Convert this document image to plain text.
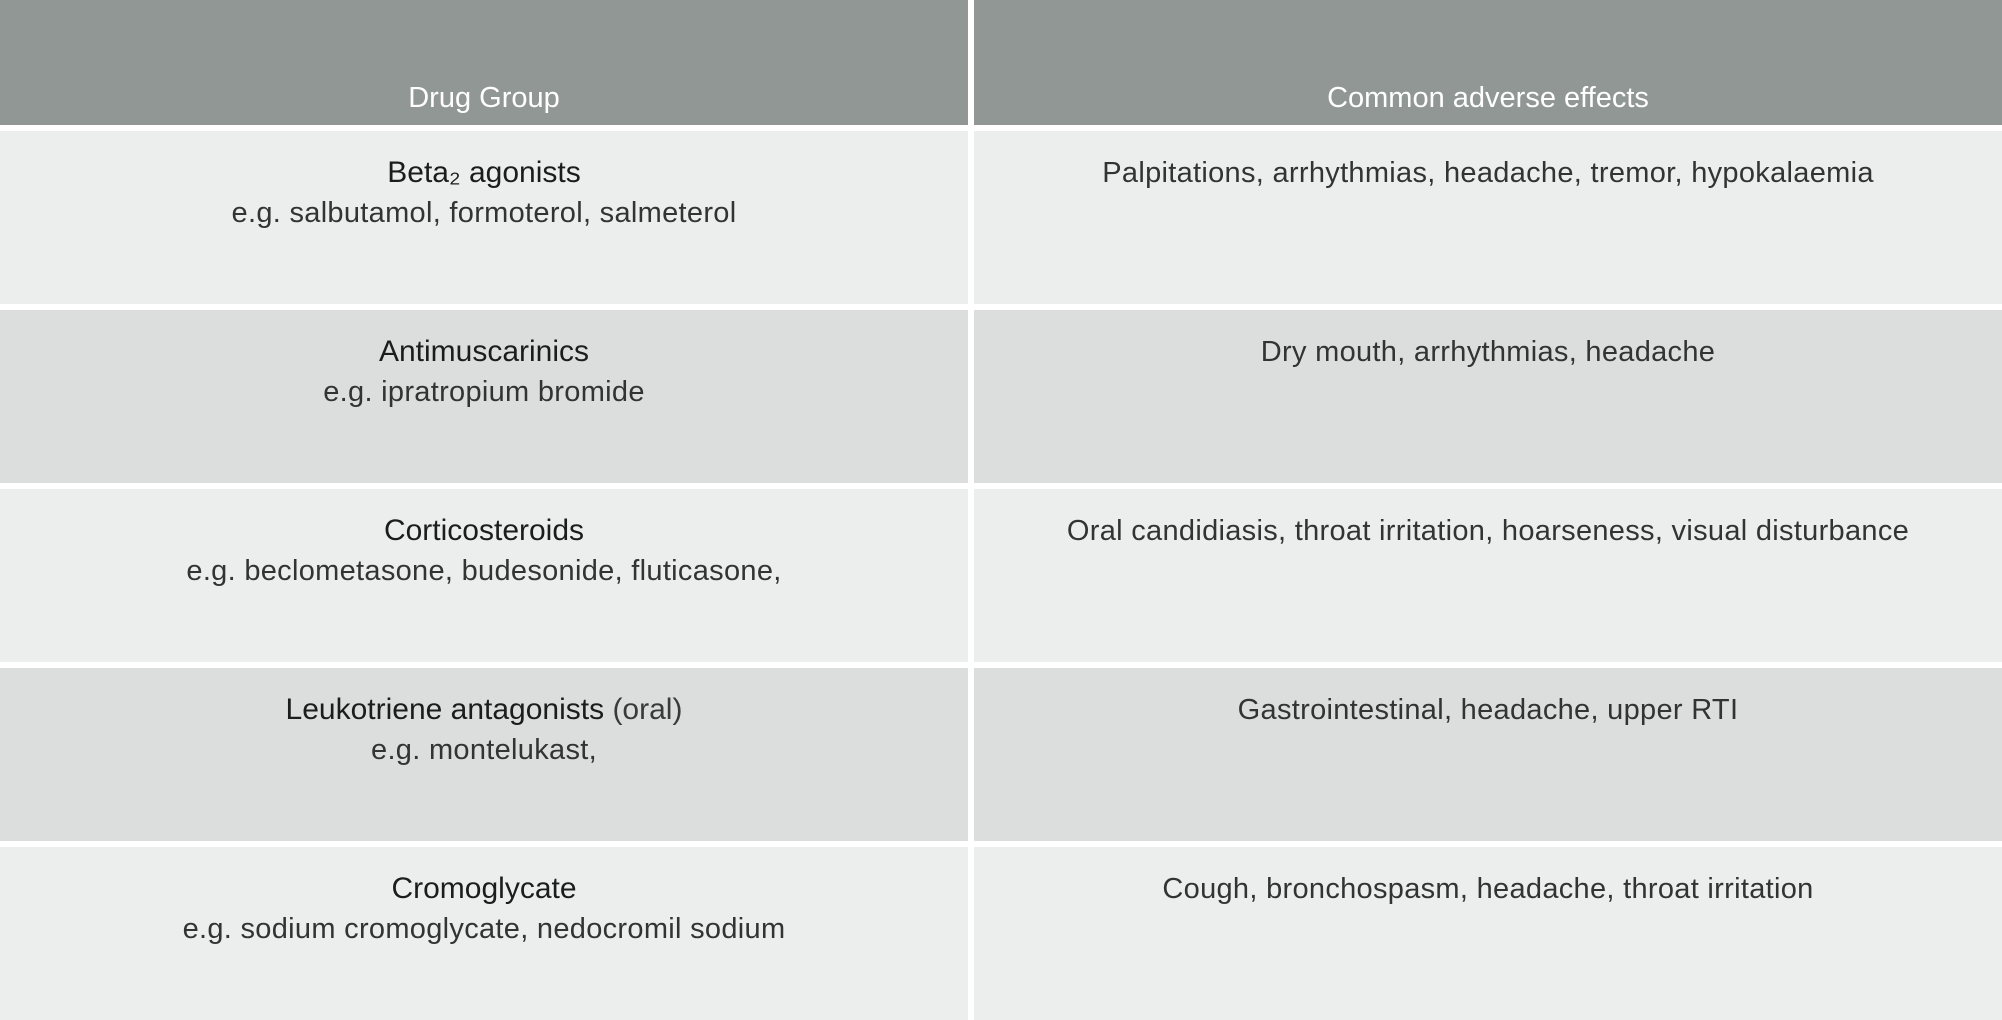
Drug Group	Common adverse effects
Beta₂ agonists
e.g. salbutamol, formoterol, salmeterol
Palpitations, arrhythmias, headache, tremor, hypokalaemia
Antimuscarinics
e.g. ipratropium bromide
Dry mouth, arrhythmias, headache
Corticosteroids
e.g. beclometasone, budesonide, fluticasone,
Oral candidiasis, throat irritation, hoarseness, visual disturbance
Leukotriene antagonists (oral)
e.g. montelukast,
Gastrointestinal, headache, upper RTI
Cromoglycate
e.g. sodium cromoglycate, nedocromil sodium
Cough, bronchospasm, headache, throat irritation
